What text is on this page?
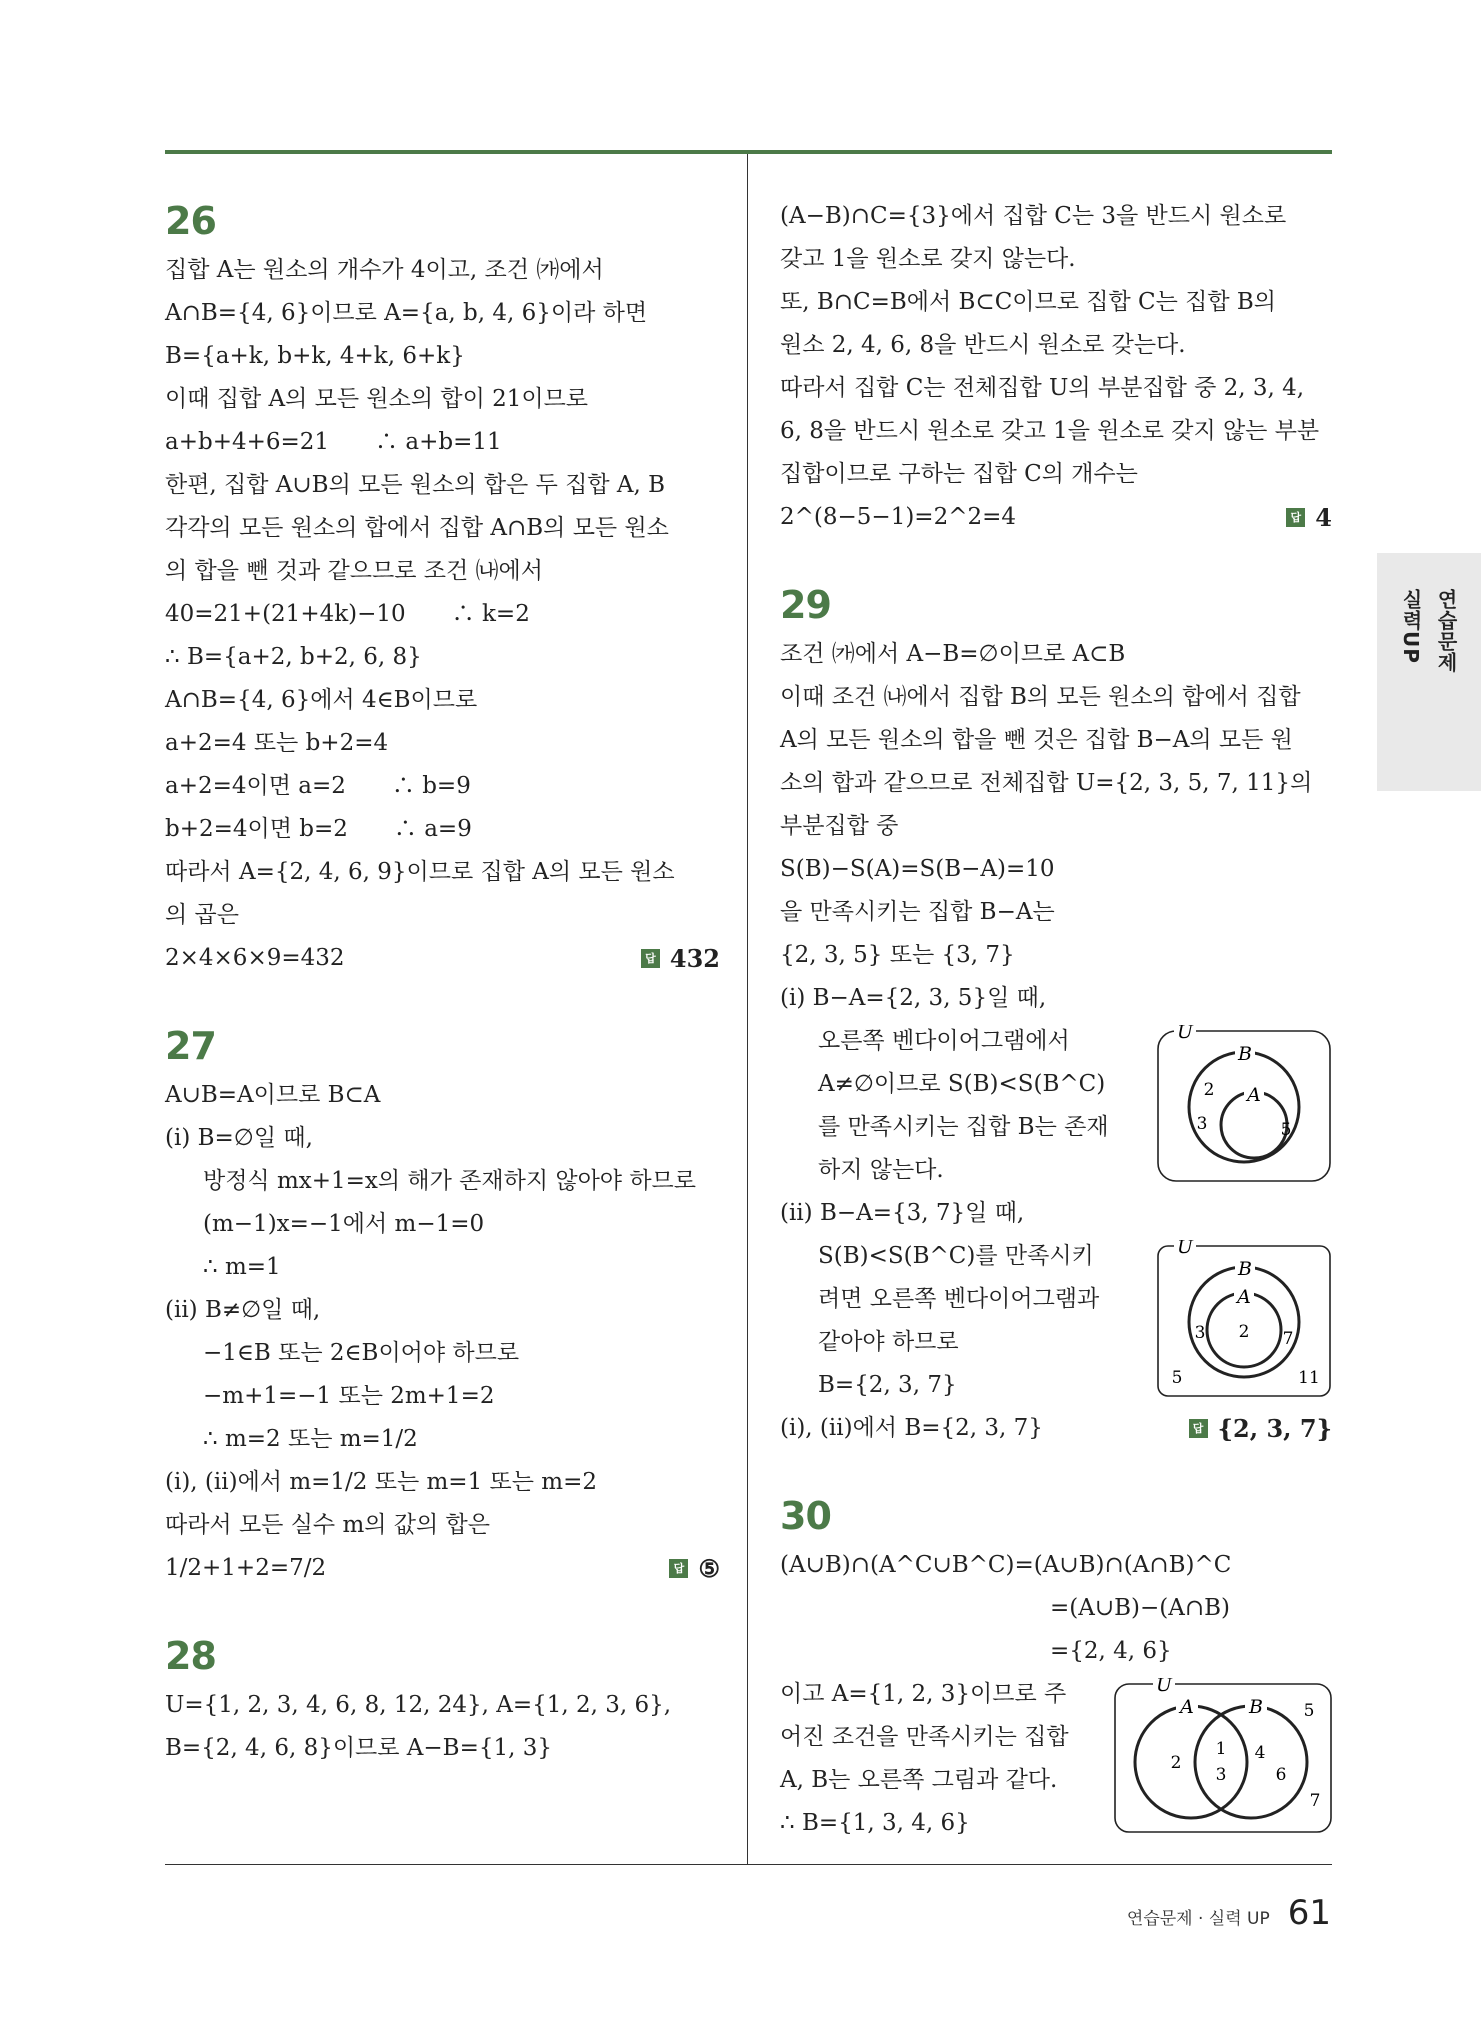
실력UP 연습문제
26
집합 A는 원소의 개수가 4이고, 조건 ㈎에서
A∩B={4, 6}이므로 A={a, b, 4, 6}이라 하면
B={a+k, b+k, 4+k, 6+k}
이때 집합 A의 모든 원소의 합이 21이므로
a+b+4+6=21　　∴ a+b=11
한편, 집합 A∪B의 모든 원소의 합은 두 집합 A, B
각각의 모든 원소의 합에서 집합 A∩B의 모든 원소
의 합을 뺀 것과 같으므로 조건 ㈏에서
40=21+(21+4k)−10　　∴ k=2
∴ B={a+2, b+2, 6, 8}
A∩B={4, 6}에서 4∈B이므로
a+2=4 또는 b+2=4
a+2=4이면 a=2　　∴ b=9
b+2=4이면 b=2　　∴ a=9
따라서 A={2, 4, 6, 9}이므로 집합 A의 모든 원소
의 곱은
2×4×6×9=432	답 432
27
A∪B=A이므로 B⊂A
(ⅰ) B=∅일 때,
방정식 mx+1=x의 해가 존재하지 않아야 하므로
(m−1)x=−1에서 m−1=0
∴ m=1
(ⅱ) B≠∅일 때,
−1∈B 또는 2∈B이어야 하므로
−m+1=−1 또는 2m+1=2
∴ m=2 또는 m=1/2
(ⅰ), (ⅱ)에서 m=1/2 또는 m=1 또는 m=2
따라서 모든 실수 m의 값의 합은
1/2+1+2=7/2	답 ⑤
28
U={1, 2, 3, 4, 6, 8, 12, 24}, A={1, 2, 3, 6},
B={2, 4, 6, 8}이므로 A−B={1, 3}
(A−B)∩C={3}에서 집합 C는 3을 반드시 원소로
갖고 1을 원소로 갖지 않는다.
또, B∩C=B에서 B⊂C이므로 집합 C는 집합 B의
원소 2, 4, 6, 8을 반드시 원소로 갖는다.
따라서 집합 C는 전체집합 U의 부분집합 중 2, 3, 4,
6, 8을 반드시 원소로 갖고 1을 원소로 갖지 않는 부분
집합이므로 구하는 집합 C의 개수는
2^(8−5−1)=2^2=4	답 4
29
조건 ㈎에서 A−B=∅이므로 A⊂B
이때 조건 ㈏에서 집합 B의 모든 원소의 합에서 집합
A의 모든 원소의 합을 뺀 것은 집합 B−A의 모든 원
소의 합과 같으므로 전체집합 U={2, 3, 5, 7, 11}의
부분집합 중
S(B)−S(A)=S(B−A)=10
을 만족시키는 집합 B−A는
{2, 3, 5} 또는 {3, 7}
(ⅰ) B−A={2, 3, 5}일 때,
오른쪽 벤다이어그램에서
A≠∅이므로 S(B)<S(B^C)
를 만족시키는 집합 B는 존재
하지 않는다.
(ⅱ) B−A={3, 7}일 때,
S(B)<S(B^C)를 만족시키
려면 오른쪽 벤다이어그램과
같아야 하므로
B={2, 3, 7}
(ⅰ), (ⅱ)에서 B={2, 3, 7}	답 {2, 3, 7}
30
(A∪B)∩(A^C∪B^C)=(A∪B)∩(A∩B)^C
=(A∪B)−(A∩B)
={2, 4, 6}
이고 A={1, 2, 3}이므로 주
어진 조건을 만족시키는 집합
A, B는 오른쪽 그림과 같다.
∴ B={1, 3, 4, 6}
U
B
A
2
3	5
U
B
A
2
3	7
5	11
U
A	B
1
3
2	4
6
5
7
연습문제 · 실력 UP 61
